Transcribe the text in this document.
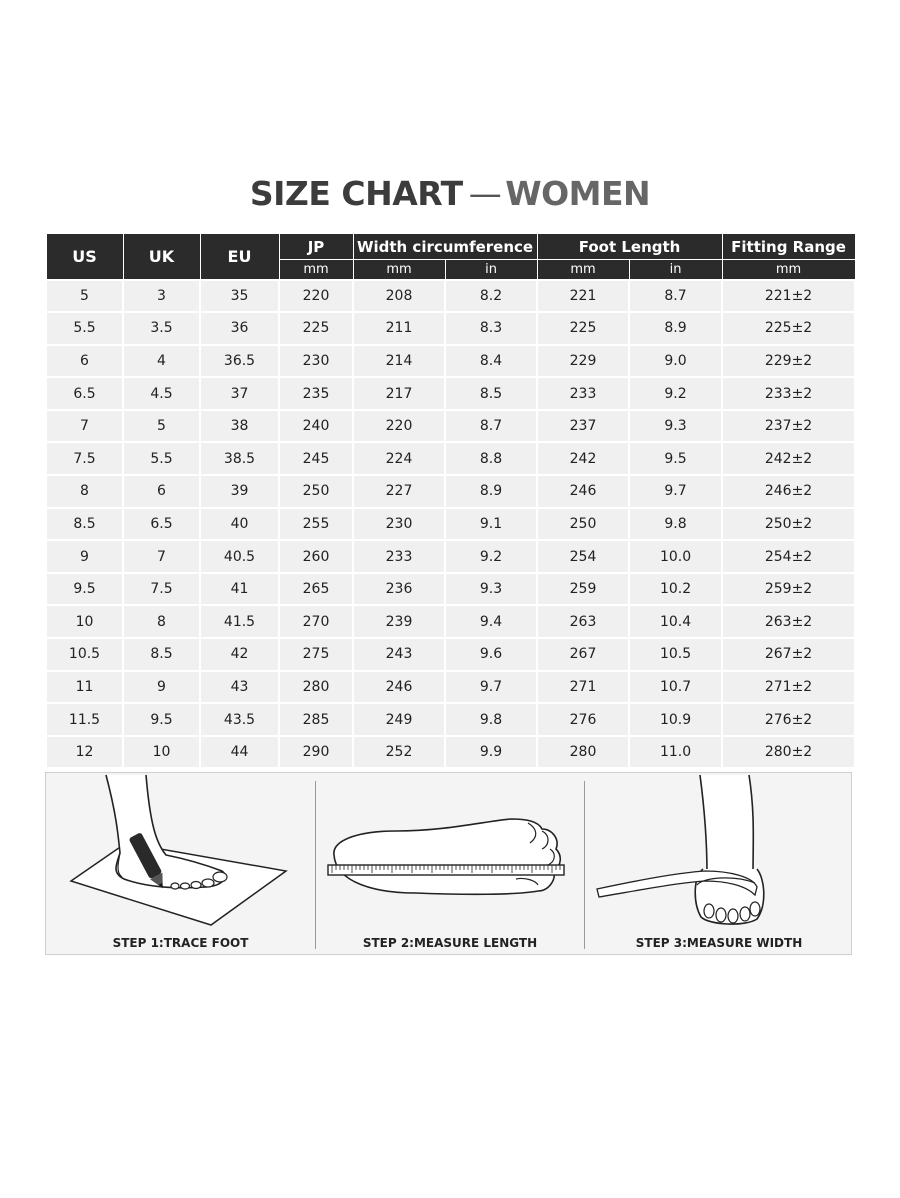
SIZE CHART — WOMEN
US	UK	EU	JP	Width circumference		Foot Length		Fitting Range
			mm	mm	in	mm	in	mm
5	3	35	220	208	8.2	221	8.7	221±2
5.5	3.5	36	225	211	8.3	225	8.9	225±2
6	4	36.5	230	214	8.4	229	9.0	229±2
6.5	4.5	37	235	217	8.5	233	9.2	233±2
7	5	38	240	220	8.7	237	9.3	237±2
7.5	5.5	38.5	245	224	8.8	242	9.5	242±2
8	6	39	250	227	8.9	246	9.7	246±2
8.5	6.5	40	255	230	9.1	250	9.8	250±2
9	7	40.5	260	233	9.2	254	10.0	254±2
9.5	7.5	41	265	236	9.3	259	10.2	259±2
10	8	41.5	270	239	9.4	263	10.4	263±2
10.5	8.5	42	275	243	9.6	267	10.5	267±2
11	9	43	280	246	9.7	271	10.7	271±2
11.5	9.5	43.5	285	249	9.8	276	10.9	276±2
12	10	44	290	252	9.9	280	11.0	280±2
STEP 1:TRACE FOOT	STEP 2:MEASURE LENGTH	STEP 3:MEASURE WIDTH
